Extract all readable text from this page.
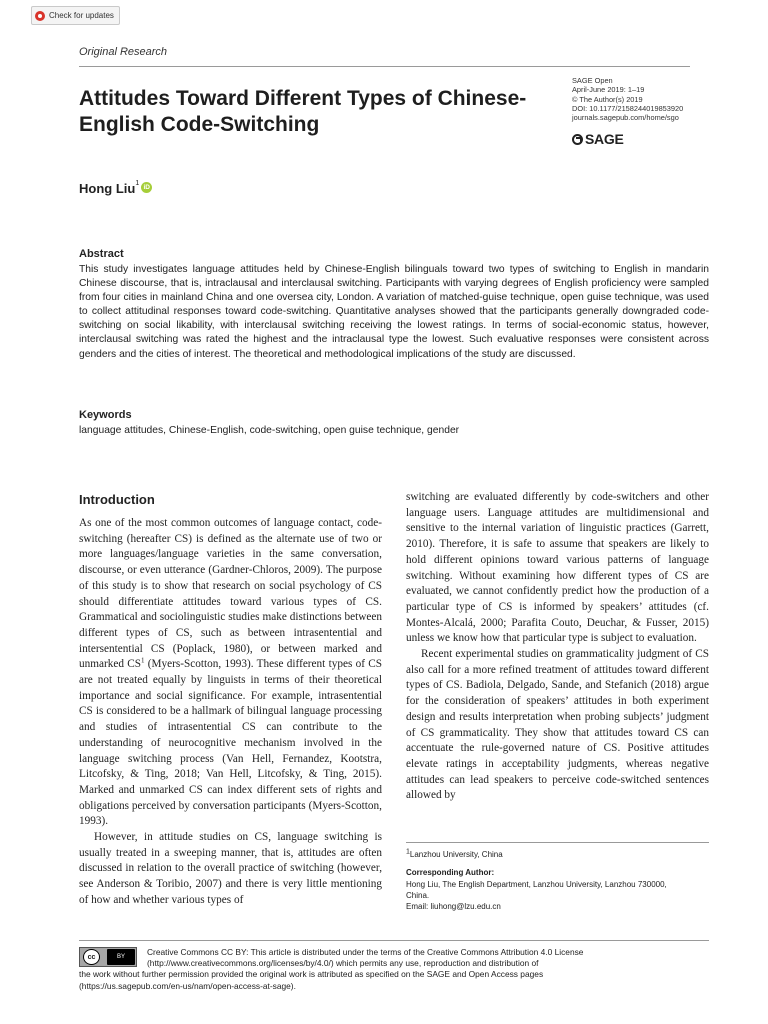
Check for updates
Original Research
SAGE Open
April-June 2019: 1–19
© The Author(s) 2019
DOI: 10.1177/2158244019853920
journals.sagepub.com/home/sgo
SAGE
Attitudes Toward Different Types of Chinese-English Code-Switching
Hong Liu 1
iD
Abstract

This study investigates language attitudes held by Chinese-English bilinguals toward two types of switching to English in mandarin Chinese discourse, that is, intraclausal and interclausal switching. Participants with varying degrees of English proficiency were sampled from four cities in mainland China and one oversea city, London. A variation of matched-guise technique, open guise technique, was used to collect attitudinal responses toward code-switching. Quantitative analyses showed that the participants generally downgraded code-switching on social likability, with interclausal switching receiving the lowest ratings. In terms of social-economic status, however, interclausal switching was rated the highest and the intraclausal type the lowest. Such evaluative responses were consistent across genders and the cities of interest. The theoretical and methodological implications of the study are discussed.

Keywords
language attitudes, Chinese-English, code-switching, open guise technique, gender
Introduction

As one of the most common outcomes of language contact, code-switching (hereafter CS) is defined as the alternate use of two or more languages/language varieties in the same conversation, discourse, or even utterance (Gardner-Chloros, 2009). The purpose of this study is to show that research on social psychology of CS should differentiate attitudes toward various types of CS. Grammatical and sociolinguistic studies make distinctions between different types of CS, such as between intrasentential and intersentential CS (Poplack, 1980), or between marked and unmarked $CS^1$ (Myers-Scotton, 1993). These different types of CS are not treated equally by linguists in terms of their theoretical importance and social significance. For example, intrasentential CS is considered to be a hallmark of bilingual language processing and studies of intrasentential CS can contribute to the understanding of neurocognitive mechanism involved in the language switching process (Van Hell, Fernandez, Kootstra, Litcofsky, & Ting, 2018; Van Hell, Litcofsky, & Ting, 2015). Marked and unmarked CS can index different sets of rights and obligations perceived by conversation participants (Myers-Scotton, 1993).

However, in attitude studies on CS, language switching is usually treated in a sweeping manner, that is, attitudes are often discussed in relation to the overall practice of switching (however, see Anderson & Toribio, 2007) and there is very little mentioning of how and whether various types of

switching are evaluated differently by code-switchers and other language users. Language attitudes are multidimensional and sensitive to the internal variation of linguistic practices (Garrett, 2010). Therefore, it is safe to assume that speakers are likely to hold different opinions toward various patterns of language switching. Without examining how different types of CS are evaluated, we cannot confidently predict how the production of a particular type of CS is informed by speakers’ attitudes (cf. Montes-Alcalá, 2000; Parafita Couto, Deuchar, & Fusser, 2015) unless we know how that particular type is subject to evaluation.

Recent experimental studies on grammaticality judgment of CS also call for a more refined treatment of attitudes toward different types of CS. Badiola, Delgado, Sande, and Stefanich (2018) argue for the consideration of speakers’ attitudes in both experiment design and results interpretation when probing subjects’ judgment of CS grammaticality. They show that attitudes toward CS can accentuate the rule-governed nature of CS. Positive attitudes elevate ratings in acceptability judgments, whereas negative attitudes can lead speakers to perceive code-switched sentences allowed by

$^1$Lanzhou University, China
Corresponding Author:
Hong Liu, The English Department, Lanzhou University, Lanzhou 730000,
China.
Email: liuhong@lzu.edu.cn
cc	BY	Creative Commons CC BY: This article is distributed under the terms of the Creative Commons Attribution 4.0 License
(http://www.creativecommons.org/licenses/by/4.0/) which permits any use, reproduction and distribution of
the work without further permission provided the original work is attributed as specified on the SAGE and Open Access pages
(https://us.sagepub.com/en-us/nam/open-access-at-sage).
